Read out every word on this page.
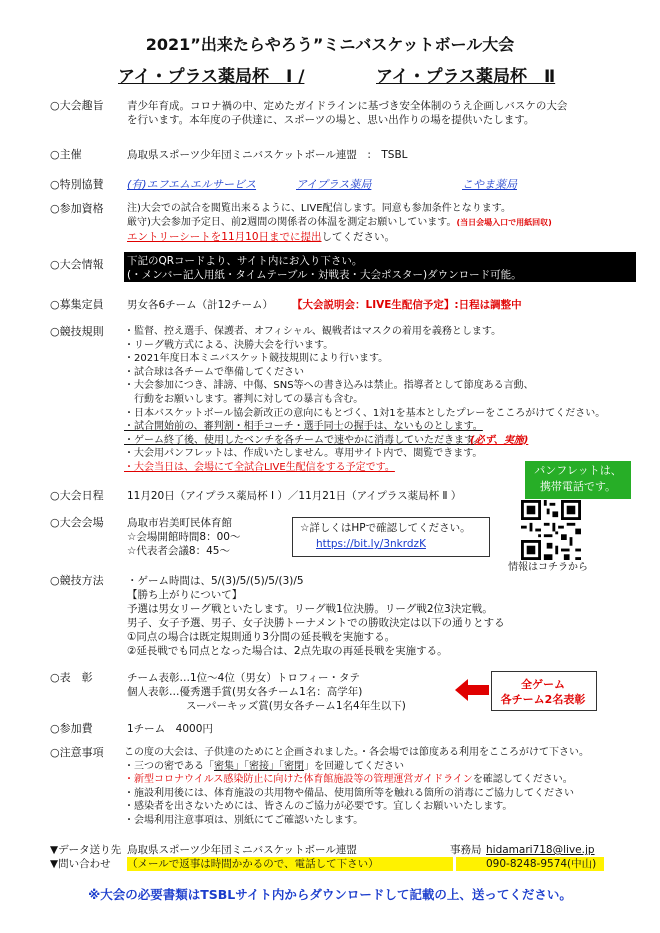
2021”出来たらやろう”ミニバスケットボール大会
アイ・プラス薬局杯　Ⅰ /	アイ・プラス薬局杯　Ⅱ
○大会趣旨 青少年育成。コロナ禍の中、定めたガイドラインに基づき安全体制のうえ企画しバスケの大会
を行います。本年度の子供達に、スポーツの場と、思い出作りの場を提供いたします。
○主催	鳥取県スポーツ少年団ミニバスケットボール連盟　:　TSBL
○特別協賛 (有)エフエムエルサービス	アイプラス薬局	こやま薬局
○参加資格 注)大会での試合を閲覧出来るように、LIVE配信します。同意も参加条件となります。
厳守)大会参加予定日、前2週間の関係者の体温を測定お願いしています。(当日会場入口で用紙回収)
エントリーシートを11月10日までに提出してください。
○大会情報 下記のQRコードより、サイト内にお入り下さい。
(・メンバー記入用紙・タイムテーブル・対戦表・大会ポスター)ダウンロード可能。
○募集定員 男女各6チーム（計12チーム） 【大会説明会：LIVE生配信予定】:日程は調整中
○競技規則 ・監督、控え選手、保護者、オフィシャル、観戦者はマスクの着用を義務とします。
・リーグ戦方式による、決勝大会を行います。
・2021年度日本ミニバスケット競技規則により行います。
・試合球は各チームで準備してください
・大会参加につき、誹謗、中傷、SNS等への書き込みは禁止。指導者として節度ある言動、
　行動をお願いします。審判に対しての暴言も含む。
・日本バスケットボール協会新改正の意向にもとづく、1対1を基本としたプレーをこころがけてください。
・試合開始前の、審判割・相手コーチ・選手同士の握手は、ないものとします。
・ゲーム終了後、使用したベンチを各チームで速やかに消毒していただきます。
(必ず、実施)
・大会用パンフレットは、作成いたしません。専用サイト内で、閲覧できます。
・大会当日は、会場にて全試合LIVE生配信をする予定です。	パンフレットは、
携帯電話です。
○大会日程 11月20日（アイプラス薬局杯 Ⅰ ）／11月21日（アイプラス薬局杯 Ⅱ ）
○大会会場 鳥取市岩美町民体育館
☆会場開館時間8：00〜
☆代表者会議8：45〜
☆詳しくはHPで確認してください。
https://bit.ly/3nkrdzK
情報はコチラから
○競技方法 ・ゲーム時間は、5/(3)/5/(5)/5/(3)/5
【勝ち上がりについて】
予選は男女リーグ戦といたします。リーグ戦1位決勝。リーグ戦2位3決定戦。
男子、女子予選、男子、女子決勝トーナメントでの勝敗決定は以下の通りとする
①同点の場合は既定規則通り3分間の延長戦を実施する。
②延長戦でも同点となった場合は、2点先取の再延長戦を実施する。
○表　彰	チーム表彰…1位〜4位（男女）トロフィー・タテ
個人表彰…優秀選手賞(男女各チーム1名：高学年)
スーパーキッズ賞(男女各チーム1名4年生以下)
全ゲーム
各チーム2名表彰
○参加費	1チーム　4000円
○注意事項 この度の大会は、子供達のためにと企画されました。・各会場では節度ある利用をこころがけて下さい。
・三つの密である「密集」「密接」「密閉」を回避してください
・新型コロナウイルス感染防止に向けた体育館施設等の管理運営ガイドラインを確認してください。
・施設利用後には、体育施設の共用物や備品、使用箇所等を触れる箇所の消毒にご協力してください
・感染者を出さないためには、皆さんのご協力が必要です。宜しくお願いいたします。
・会場利用注意事項は、別紙にてご確認いたします。
▼データ送り先 鳥取県スポーツ少年団ミニバスケットボール連盟	事務局 hidamari718@live.jp
▼問い合わせ （メールで返事は時間かかるので、電話して下さい）	090-8248-9574(中山)
※大会の必要書類はTSBLサイト内からダウンロードして記載の上、送ってください。
